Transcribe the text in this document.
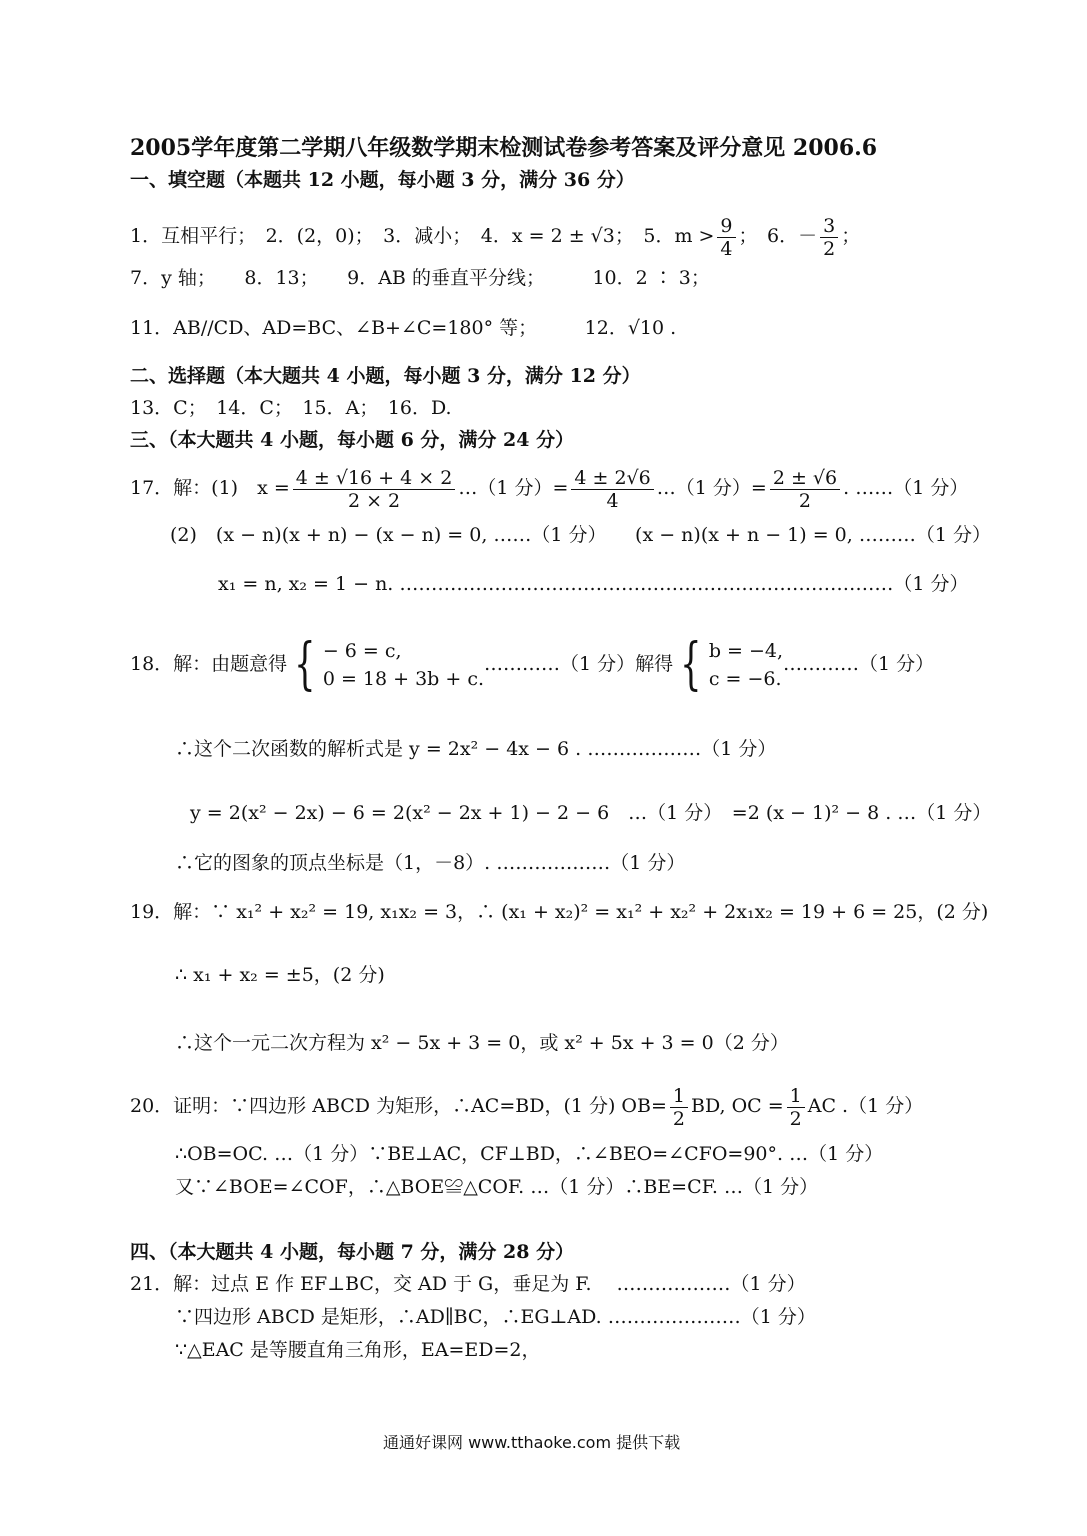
2005学年度第二学期八年级数学期末检测试卷参考答案及评分意见 2006.6
一、填空题（本题共 12 小题，每小题 3 分，满分 36 分）
1．互相平行；　2．(2，0)；　3．减小；　4．x = 2 ± √3；　5．$m > \frac{9}{4}$ ；　6．－ $\frac{3}{2}$ ；
7．y 轴；　　8．13；　　9．AB 的垂直平分线；　　　10．2 ∶ 3；
11．AB//CD、AD=BC、∠B+∠C=180° 等；　　　12．√10 .
二、选择题（本大题共 4 小题，每小题 3 分，满分 12 分）
13．C；　14．C；　15．A；　16．D.
三、（本大题共 4 小题，每小题 6 分，满分 24 分）
17．解：(1)　$x = \frac{4 \pm √16 + 4 \times 2}{2 \times 2}$ …（1 分）= $\frac{4 \pm 2√6}{4}$ …（1 分）= $\frac{2 \pm √6}{2}$ . ……（1 分）
(2)　(x − n)(x + n) − (x − n) = 0, ……（1 分）　　(x − n)(x + n − 1) = 0, ………（1 分）
x₁ = n, x₂ = 1 − n. ……………………………………………………………………（1 分）
18．解：由题意得 { − 6 = c,
0 = 18 + 3b + c.
…………（1 分）解得 { b = −4,
c = −6.
…………（1 分）
∴这个二次函数的解析式是 y = 2x² − 4x − 6 . ………………（1 分）
y = 2(x² − 2x) − 6 = 2(x² − 2x + 1) − 2 − 6　…（1 分）　=2 (x − 1)² − 8 . …（1 分）
∴它的图象的顶点坐标是（1，－8）. ………………（1 分）
19．解：∵ x₁² + x₂² = 19, x₁x₂ = 3，∴ (x₁ + x₂)² = x₁² + x₂² + 2x₁x₂ = 19 + 6 = 25，(2 分)
∴ x₁ + x₂ = ±5，(2 分)
∴这个一元二次方程为 x² − 5x + 3 = 0，或 x² + 5x + 3 = 0（2 分）
20．证明：∵四边形 ABCD 为矩形，∴AC=BD，(1 分) $OB= \frac{1}{2}$ BD, OC = $\frac{1}{2}$ AC .（1 分）
∴OB=OC. …（1 分）∵BE⊥AC，CF⊥BD，∴∠BEO=∠CFO=90°. …（1 分）
又∵∠BOE=∠COF，∴△BOE≌△COF. …（1 分）∴BE=CF. …（1 分）
四、（本大题共 4 小题，每小题 7 分，满分 28 分）
21．解：过点 E 作 EF⊥BC，交 AD 于 G，垂足为 F.　 ………………（1 分）
∵四边形 ABCD 是矩形，∴AD∥BC，∴EG⊥AD. …………………（1 分）
∵△EAC 是等腰直角三角形，EA=ED=2，
通通好课网 www.tthaoke.com 提供下载
